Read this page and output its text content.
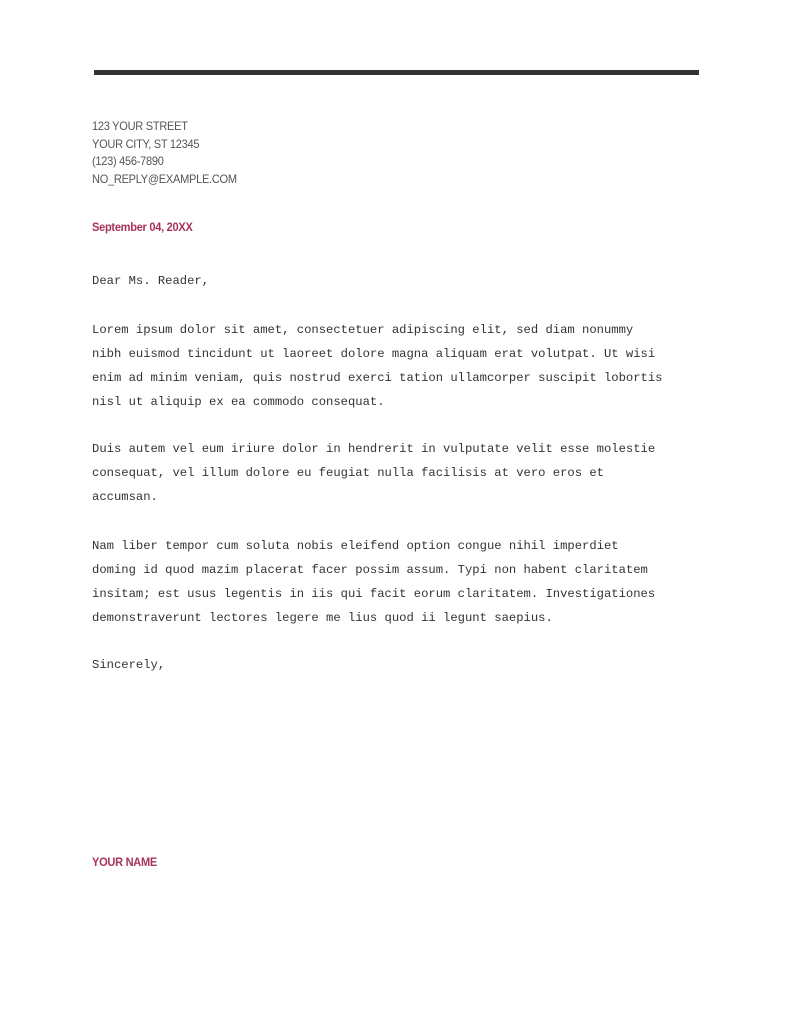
123 YOUR STREET
YOUR CITY, ST 12345
(123) 456-7890
NO_REPLY@EXAMPLE.COM
September 04, 20XX
Dear Ms. Reader,
Lorem ipsum dolor sit amet, consectetuer adipiscing elit, sed diam nonummy
nibh euismod tincidunt ut laoreet dolore magna aliquam erat volutpat. Ut wisi
enim ad minim veniam, quis nostrud exerci tation ullamcorper suscipit lobortis
nisl ut aliquip ex ea commodo consequat.
Duis autem vel eum iriure dolor in hendrerit in vulputate velit esse molestie
consequat, vel illum dolore eu feugiat nulla facilisis at vero eros et
accumsan.
Nam liber tempor cum soluta nobis eleifend option congue nihil imperdiet
doming id quod mazim placerat facer possim assum. Typi non habent claritatem
insitam; est usus legentis in iis qui facit eorum claritatem. Investigationes
demonstraverunt lectores legere me lius quod ii legunt saepius.
Sincerely,
YOUR NAME
